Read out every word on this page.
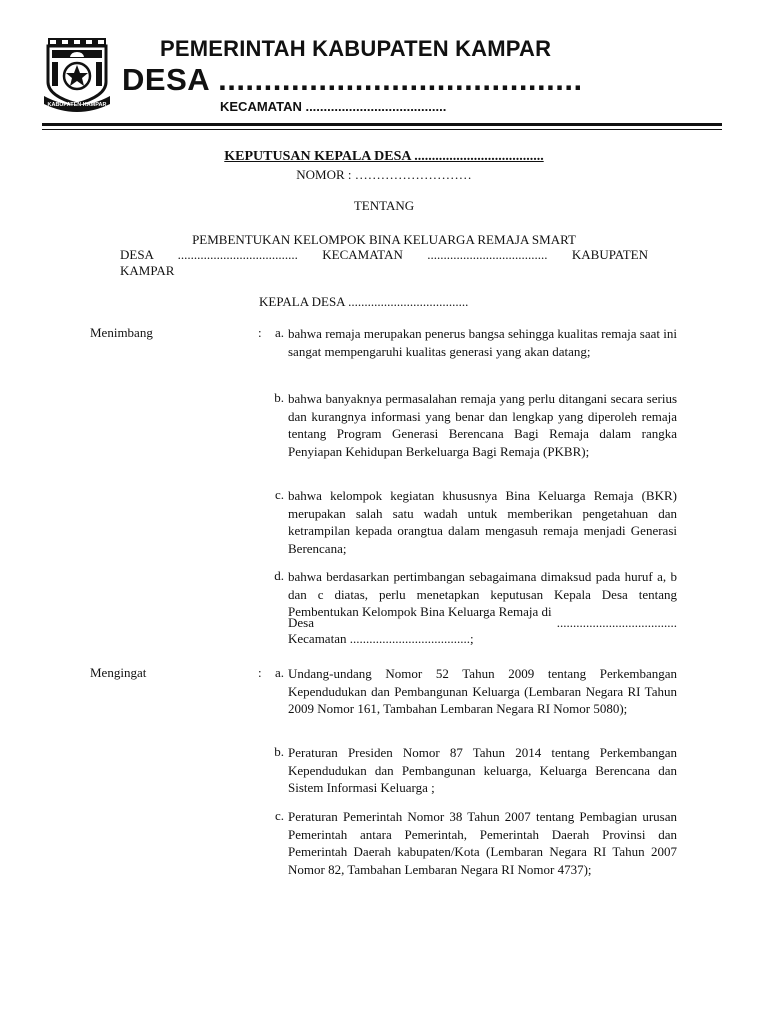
KABUPATEN KAMPAR
PEMERINTAH KABUPATEN KAMPAR
DESA ........................................
KECAMATAN .......................................
KEPUTUSAN KEPALA DESA .....................................
NOMOR : ………………………
TENTANG
PEMBENTUKAN KELOMPOK BINA KELUARGA REMAJA SMART
DESA ..................................... KECAMATAN ..................................... KABUPATEN
KAMPAR
KEPALA DESA .....................................
Menimbang	:	a. bahwa remaja merupakan penerus bangsa sehingga kualitas remaja saat ini sangat mempengaruhi kualitas generasi yang akan datang;
b. bahwa banyaknya permasalahan remaja yang perlu ditangani secara serius dan kurangnya informasi yang benar dan lengkap yang diperoleh remaja tentang Program Generasi Berencana Bagi Remaja dalam rangka Penyiapan Kehidupan Berkeluarga Bagi Remaja (PKBR);
c. bahwa kelompok kegiatan khususnya Bina Keluarga Remaja (BKR) merupakan salah satu wadah untuk memberikan pengetahuan dan ketrampilan kepada orangtua dalam mengasuh remaja menjadi Generasi Berencana;
d. bahwa berdasarkan pertimbangan sebagaimana dimaksud pada huruf a, b dan c diatas, perlu menetapkan keputusan Kepala Desa tentang Pembentukan Kelompok Bina Keluarga Remaja di
Desa	.....................................
Kecamatan .....................................;
Mengingat	:	a. Undang-undang Nomor 52 Tahun 2009 tentang Perkembangan Kependudukan dan Pembangunan Keluarga (Lembaran Negara RI Tahun 2009 Nomor 161, Tambahan Lembaran Negara RI Nomor 5080);
b. Peraturan Presiden Nomor 87 Tahun 2014 tentang Perkembangan Kependudukan dan Pembangunan keluarga, Keluarga Berencana dan Sistem Informasi Keluarga ;
c. Peraturan Pemerintah Nomor 38 Tahun 2007 tentang Pembagian urusan Pemerintah antara Pemerintah, Pemerintah Daerah Provinsi dan Pemerintah Daerah kabupaten/Kota (Lembaran Negara RI Tahun 2007 Nomor 82, Tambahan Lembaran Negara RI Nomor 4737);
